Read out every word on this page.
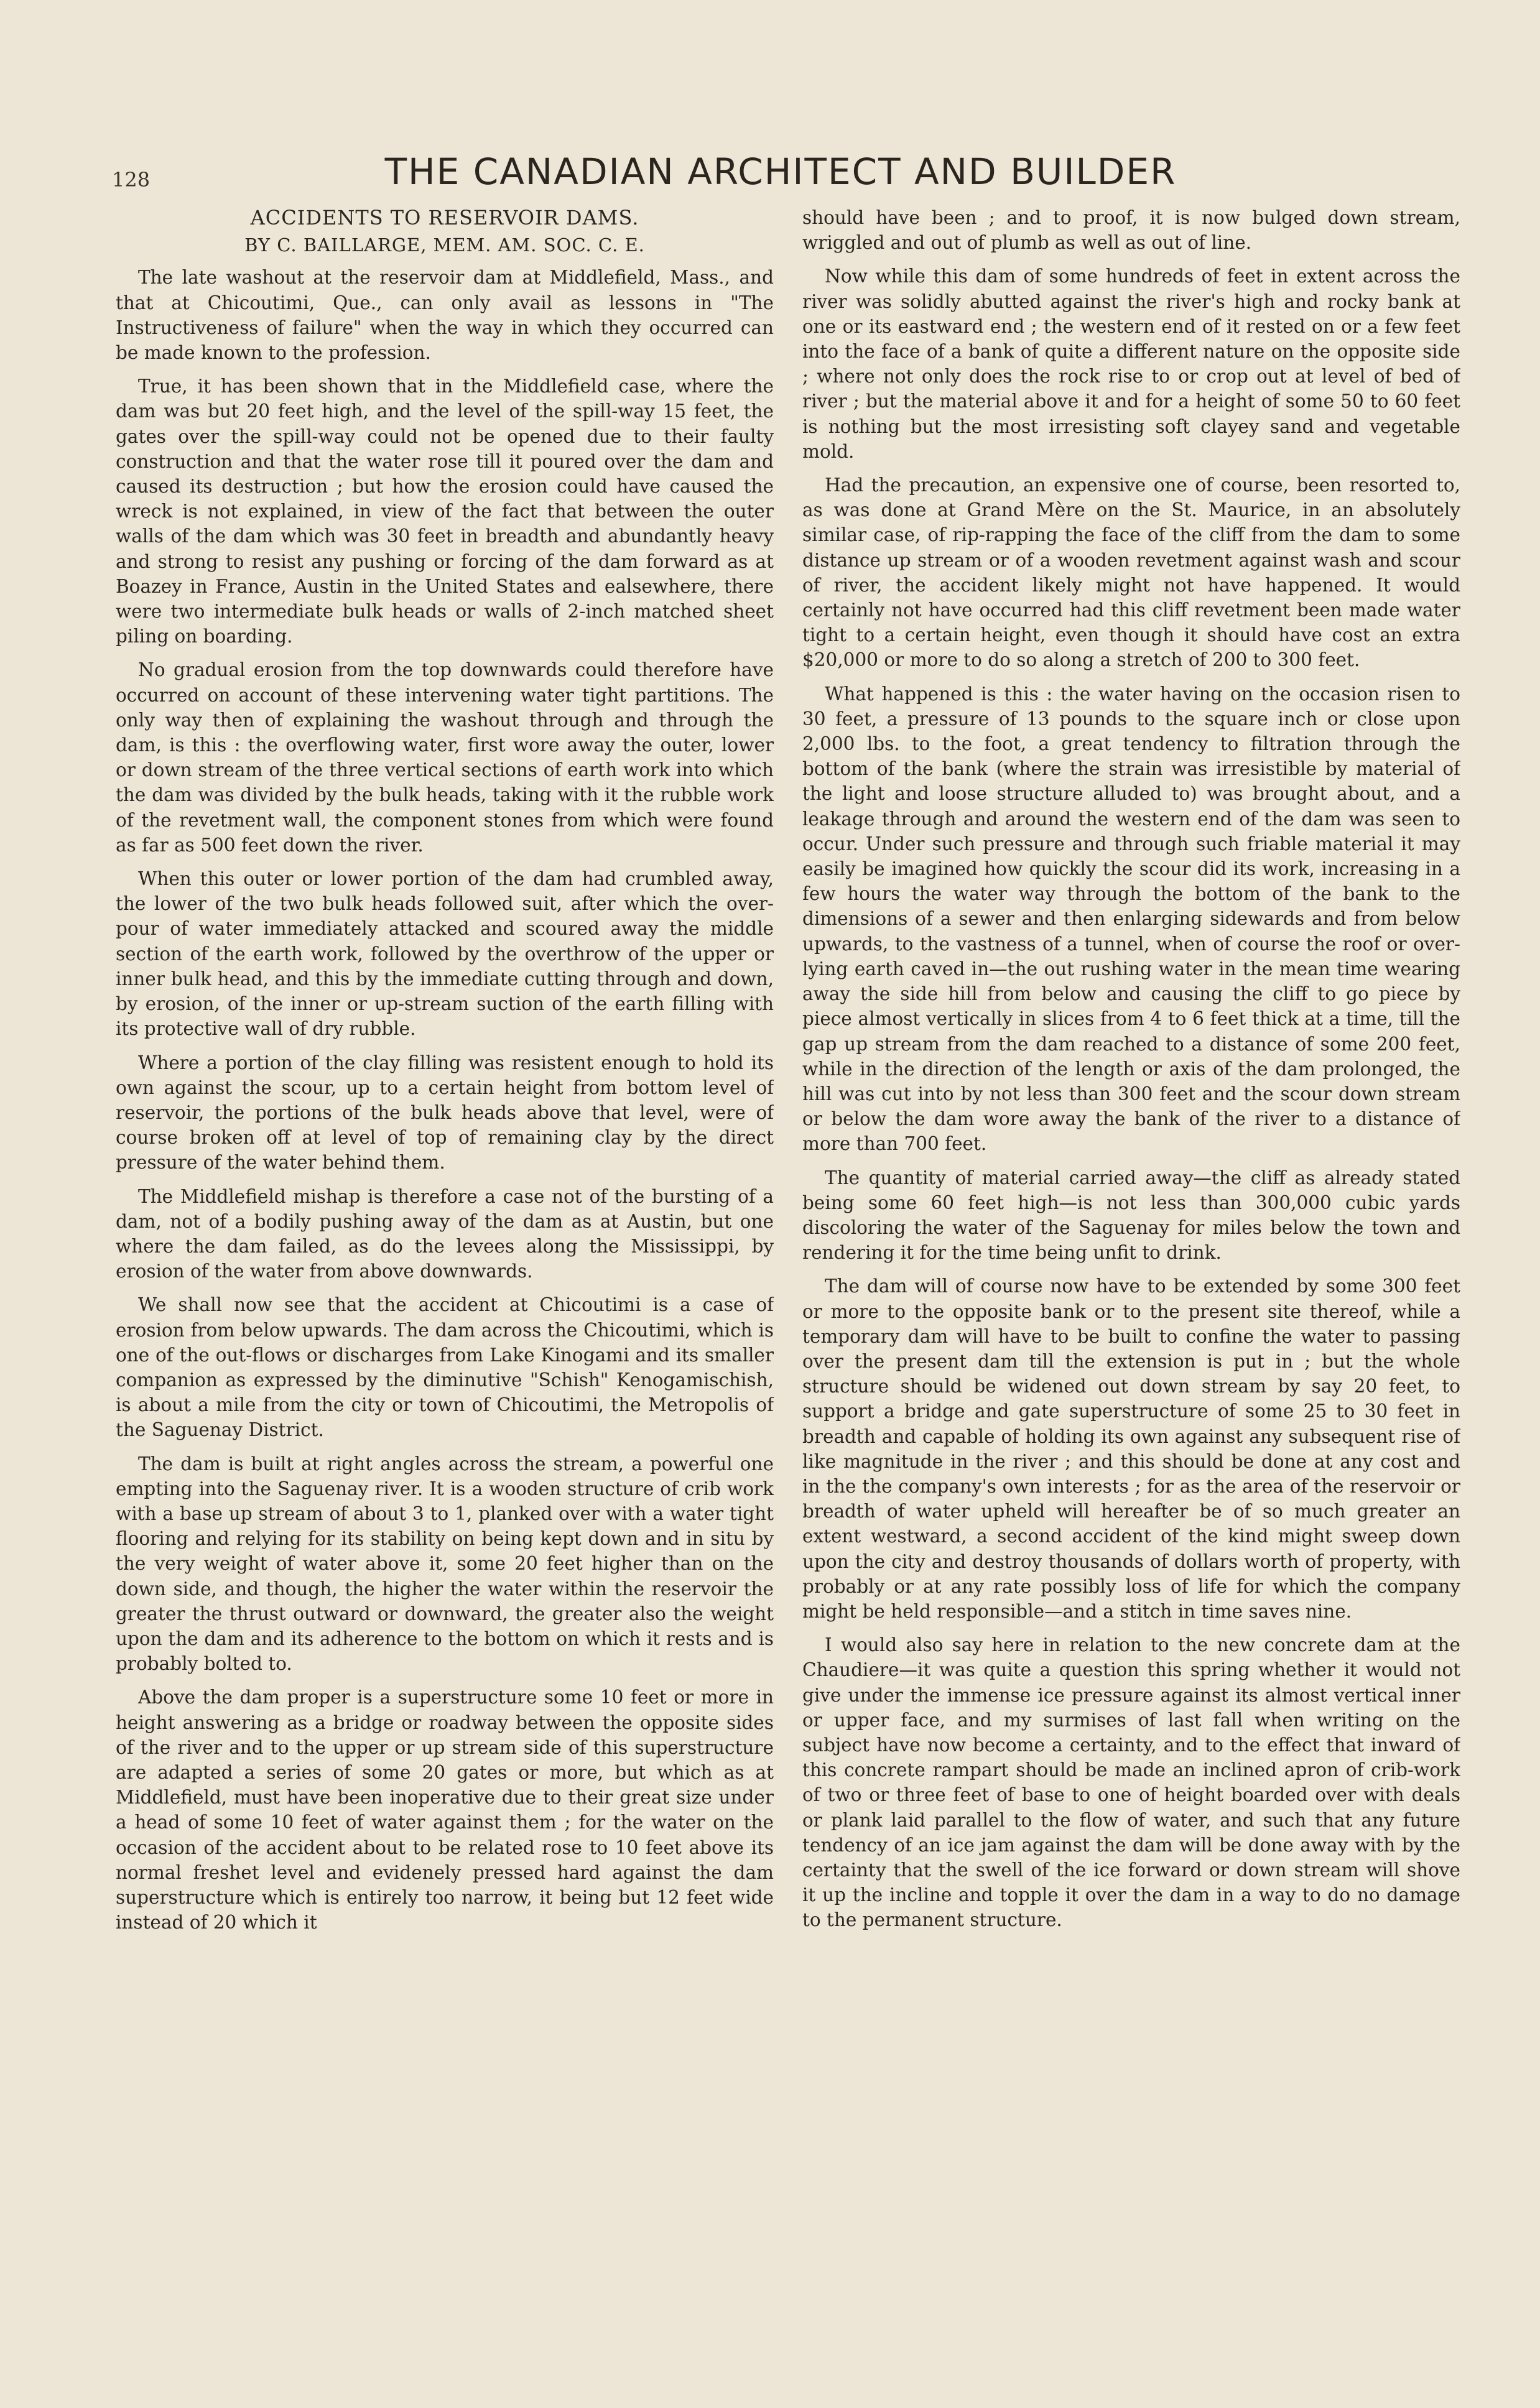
128	THE CANADIAN ARCHITECT AND BUILDER
ACCIDENTS TO RESERVOIR DAMS.
BY C. BAILLARGE, MEM. AM. SOC. C. E.

The late washout at the reservoir dam at Middlefield, Mass., and that at Chicoutimi, Que., can only avail as lessons in "The Instructiveness of failure" when the way in which they occurred can be made known to the profession.

True, it has been shown that in the Middlefield case, where the dam was but 20 feet high, and the level of the spill-way 15 feet, the gates over the spill-way could not be opened due to their faulty construction and that the water rose till it poured over the dam and caused its destruction ; but how the erosion could have caused the wreck is not explained, in view of the fact that between the outer walls of the dam which was 30 feet in breadth and abundantly heavy and strong to resist any pushing or forcing of the dam forward as at Boazey in France, Austin in the United States and ealsewhere, there were two intermediate bulk heads or walls of 2-inch matched sheet piling on boarding.

No gradual erosion from the top downwards could therefore have occurred on account of these intervening water tight partitions. The only way then of explaining the washout through and through the dam, is this : the overflowing water, first wore away the outer, lower or down stream of the three vertical sections of earth work into which the dam was divided by the bulk heads, taking with it the rubble work of the revetment wall, the component stones from which were found as far as 500 feet down the river.

When this outer or lower portion of the dam had crumbled away, the lower of the two bulk heads followed suit, after which the over-pour of water immediately attacked and scoured away the middle section of the earth work, followed by the overthrow of the upper or inner bulk head, and this by the immediate cutting through and down, by erosion, of the inner or up-stream suction of the earth filling with its protective wall of dry rubble.

Where a portion of the clay filling was resistent enough to hold its own against the scour, up to a certain height from bottom level of reservoir, the portions of the bulk heads above that level, were of course broken off at level of top of remaining clay by the direct pressure of the water behind them.

The Middlefield mishap is therefore a case not of the bursting of a dam, not of a bodily pushing away of the dam as at Austin, but one where the dam failed, as do the levees along the Mississippi, by erosion of the water from above downwards.

We shall now see that the accident at Chicoutimi is a case of erosion from below upwards. The dam across the Chicoutimi, which is one of the out-flows or discharges from Lake Kinogami and its smaller companion as expressed by the diminutive "Schish" Kenogamischish, is about a mile from the city or town of Chicoutimi, the Metropolis of the Saguenay District.

The dam is built at right angles across the stream, a powerful one empting into the Saguenay river. It is a wooden structure of crib work with a base up stream of about 3 to 1, planked over with a water tight flooring and relying for its stability on being kept down and in situ by the very weight of water above it, some 20 feet higher than on the down side, and though, the higher the water within the reservoir the greater the thrust outward or downward, the greater also the weight upon the dam and its adherence to the bottom on which it rests and is probably bolted to.

Above the dam proper is a superstructure some 10 feet or more in height answering as a bridge or roadway between the opposite sides of the river and to the upper or up stream side of this superstructure are adapted a series of some 20 gates or more, but which as at Middlefield, must have been inoperative due to their great size under a head of some 10 feet of water against them ; for the water on the occasion of the accident about to be related rose to 10 feet above its normal freshet level and evidenely pressed hard against the dam superstructure which is entirely too narrow, it being but 12 feet wide instead of 20 which it

should have been ; and to proof, it is now bulged down stream, wriggled and out of plumb as well as out of line.

Now while this dam of some hundreds of feet in extent across the river was solidly abutted against the river's high and rocky bank at one or its eastward end ; the western end of it rested on or a few feet into the face of a bank of quite a different nature on the opposite side ; where not only does the rock rise to or crop out at level of bed of river ; but the material above it and for a height of some 50 to 60 feet is nothing but the most irresisting soft clayey sand and vegetable mold.

Had the precaution, an expensive one of course, been resorted to, as was done at Grand Mère on the St. Maurice, in an absolutely similar case, of rip-rapping the face of the cliff from the dam to some distance up stream or of a wooden revetment against wash and scour of river, the accident likely might not have happened. It would certainly not have occurred had this cliff revetment been made water tight to a certain height, even though it should have cost an extra $20,000 or more to do so along a stretch of 200 to 300 feet.

What happened is this : the water having on the occasion risen to 30 feet, a pressure of 13 pounds to the square inch or close upon 2,000 lbs. to the foot, a great tendency to filtration through the bottom of the bank (where the strain was irresistible by material of the light and loose structure alluded to) was brought about, and a leakage through and around the western end of the dam was seen to occur. Under such pressure and through such friable material it may easily be imagined how quickly the scour did its work, increasing in a few hours the water way through the bottom of the bank to the dimensions of a sewer and then enlarging sidewards and from below upwards, to the vastness of a tunnel, when of course the roof or over-lying earth caved in—the out rushing water in the mean time wearing away the side hill from below and causing the cliff to go piece by piece almost vertically in slices from 4 to 6 feet thick at a time, till the gap up stream from the dam reached to a distance of some 200 feet, while in the direction of the length or axis of the dam prolonged, the hill was cut into by not less than 300 feet and the scour down stream or below the dam wore away the bank of the river to a distance of more than 700 feet.

The quantity of material carried away—the cliff as already stated being some 60 feet high—is not less than 300,000 cubic yards discoloring the water of the Saguenay for miles below the town and rendering it for the time being unfit to drink.

The dam will of course now have to be extended by some 300 feet or more to the opposite bank or to the present site thereof, while a temporary dam will have to be built to confine the water to passing over the present dam till the extension is put in ; but the whole structure should be widened out down stream by say 20 feet, to support a bridge and gate superstructure of some 25 to 30 feet in breadth and capable of holding its own against any subsequent rise of like magnitude in the river ; and this should be done at any cost and in the the company's own interests ; for as the area of the reservoir or breadth of water upheld will hereafter be of so much greater an extent westward, a second accident of the kind might sweep down upon the city and destroy thousands of dollars worth of property, with probably or at any rate possibly loss of life for which the company might be held responsible—and a stitch in time saves nine.

I would also say here in relation to the new concrete dam at the Chaudiere—it was quite a question this spring whether it would not give under the immense ice pressure against its almost vertical inner or upper face, and my surmises of last fall when writing on the subject have now become a certainty, and to the effect that inward of this concrete rampart should be made an inclined apron of crib-work of two or three feet of base to one of height boarded over with deals or plank laid parallel to the flow of water, and such that any future tendency of an ice jam against the dam will be done away with by the certainty that the swell of the ice forward or down stream will shove it up the incline and topple it over the dam in a way to do no damage to the permanent structure.
